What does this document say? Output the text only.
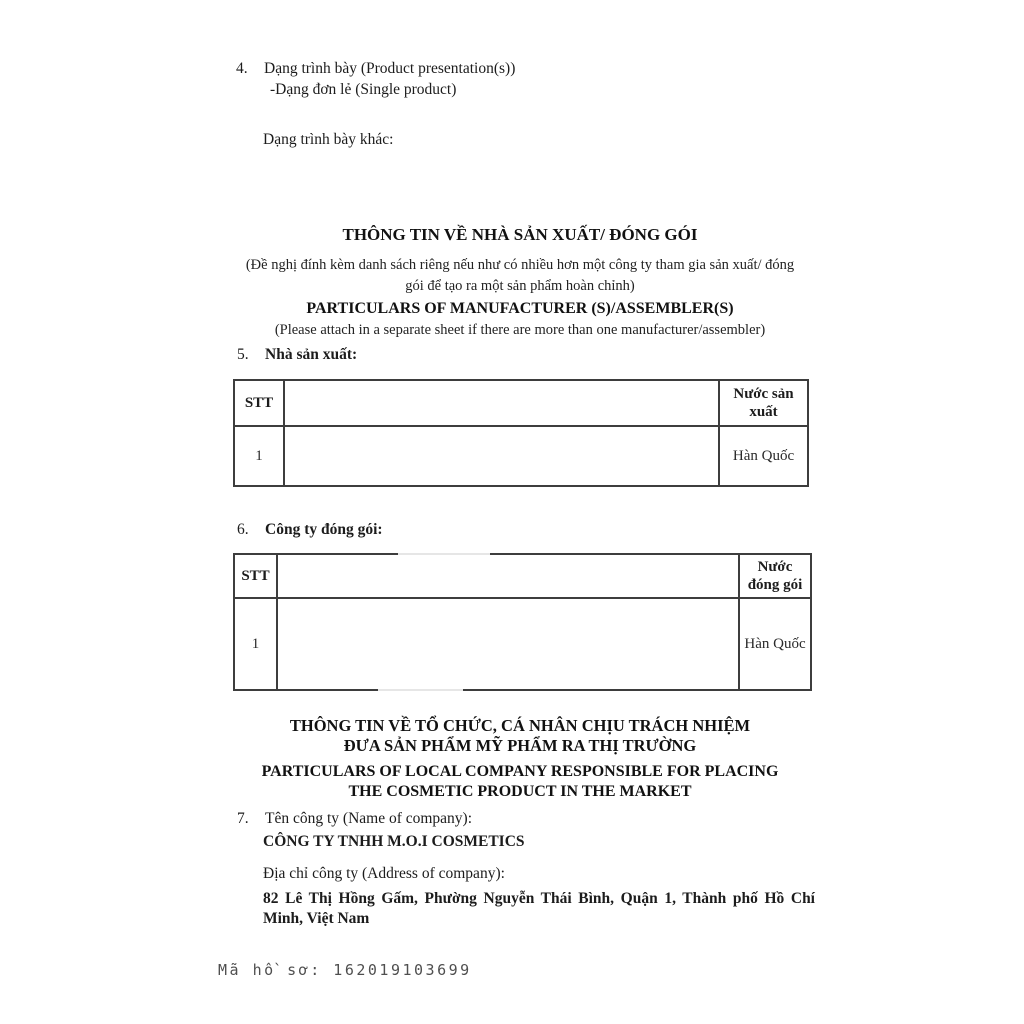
4.	Dạng trình bày (Product presentation(s))
-Dạng đơn lẻ (Single product)
Dạng trình bày khác:
THÔNG TIN VỀ NHÀ SẢN XUẤT/ ĐÓNG GÓI
(Đề nghị đính kèm danh sách riêng nếu như có nhiều hơn một công ty tham gia sản xuất/ đóng
gói để tạo ra một sản phẩm hoàn chỉnh)
PARTICULARS OF MANUFACTURER (S)/ASSEMBLER(S)
(Please attach in a separate sheet if there are more than one manufacturer/assembler)
5.	Nhà sản xuất:
STT		Nước sản xuất
1		Hàn Quốc
6.	Công ty đóng gói:
STT		Nước đóng gói
1		Hàn Quốc
THÔNG TIN VỀ TỔ CHỨC, CÁ NHÂN CHỊU TRÁCH NHIỆM
ĐƯA SẢN PHẨM MỸ PHẨM RA THỊ TRƯỜNG
PARTICULARS OF LOCAL COMPANY RESPONSIBLE FOR PLACING
THE COSMETIC PRODUCT IN THE MARKET
7.	Tên công ty (Name of company):
CÔNG TY TNHH M.O.I COSMETICS
Địa chỉ công ty (Address of company):
82 Lê Thị Hồng Gấm, Phường Nguyễn Thái Bình, Quận 1, Thành phố Hồ Chí Minh, Việt Nam
Mã hồ sơ: 162019103699
